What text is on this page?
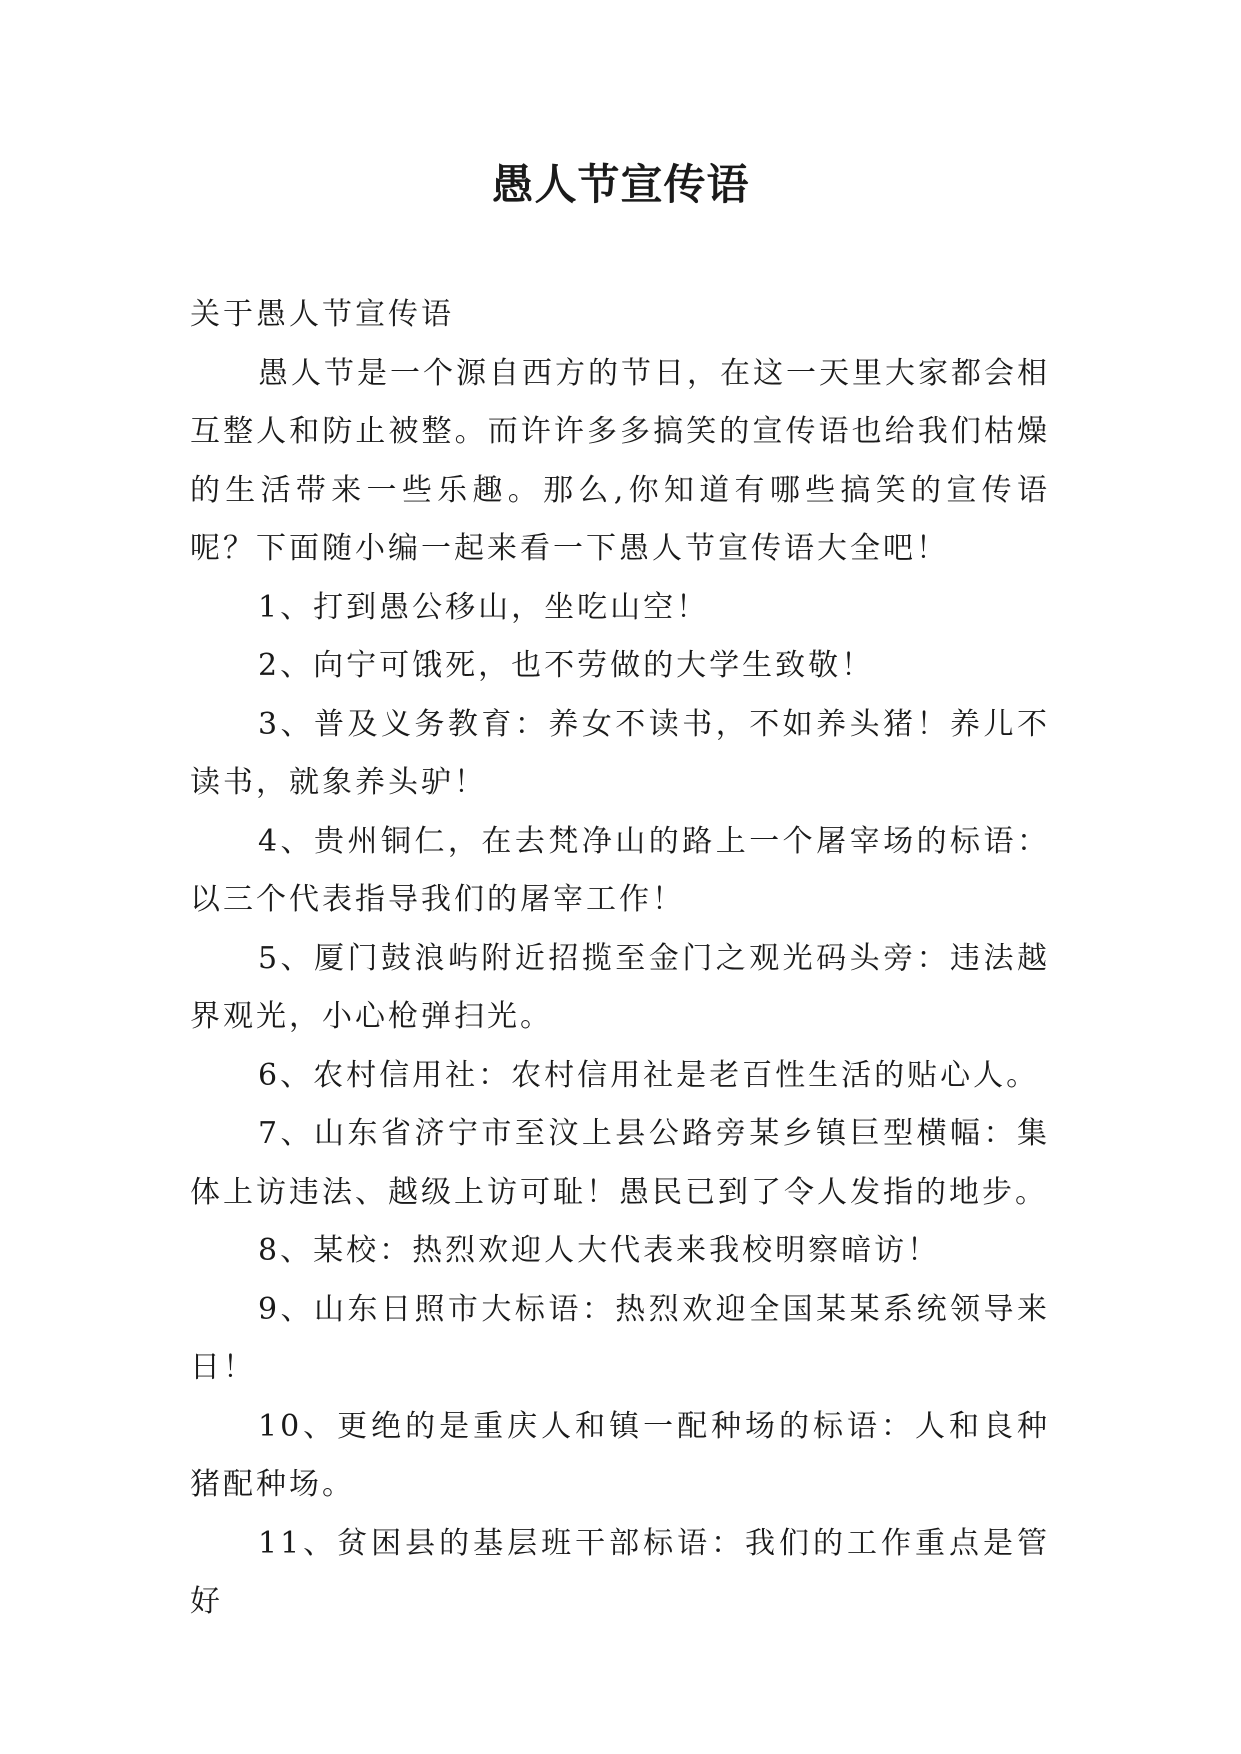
愚人节宣传语

关于愚人节宣传语

愚人节是一个源自西方的节日，在这一天里大家都会相互整人和防止被整。而许许多多搞笑的宣传语也给我们枯燥的生活带来一些乐趣。那么,你知道有哪些搞笑的宣传语呢？下面随小编一起来看一下愚人节宣传语大全吧！

1、打到愚公移山，坐吃山空！

2、向宁可饿死，也不劳做的大学生致敬！

3、普及义务教育：养女不读书，不如养头猪！养儿不读书，就象养头驴！

4、贵州铜仁，在去梵净山的路上一个屠宰场的标语：以三个代表指导我们的屠宰工作！

5、厦门鼓浪屿附近招揽至金门之观光码头旁：违法越界观光，小心枪弹扫光。

6、农村信用社：农村信用社是老百性生活的贴心人。

7、山东省济宁市至汶上县公路旁某乡镇巨型横幅：集体上访违法、越级上访可耻！愚民已到了令人发指的地步。

8、某校：热烈欢迎人大代表来我校明察暗访！

9、山东日照市大标语：热烈欢迎全国某某系统领导来日！

10、更绝的是重庆人和镇一配种场的标语：人和良种猪配种场。

11、贫困县的基层班干部标语：我们的工作重点是管好
